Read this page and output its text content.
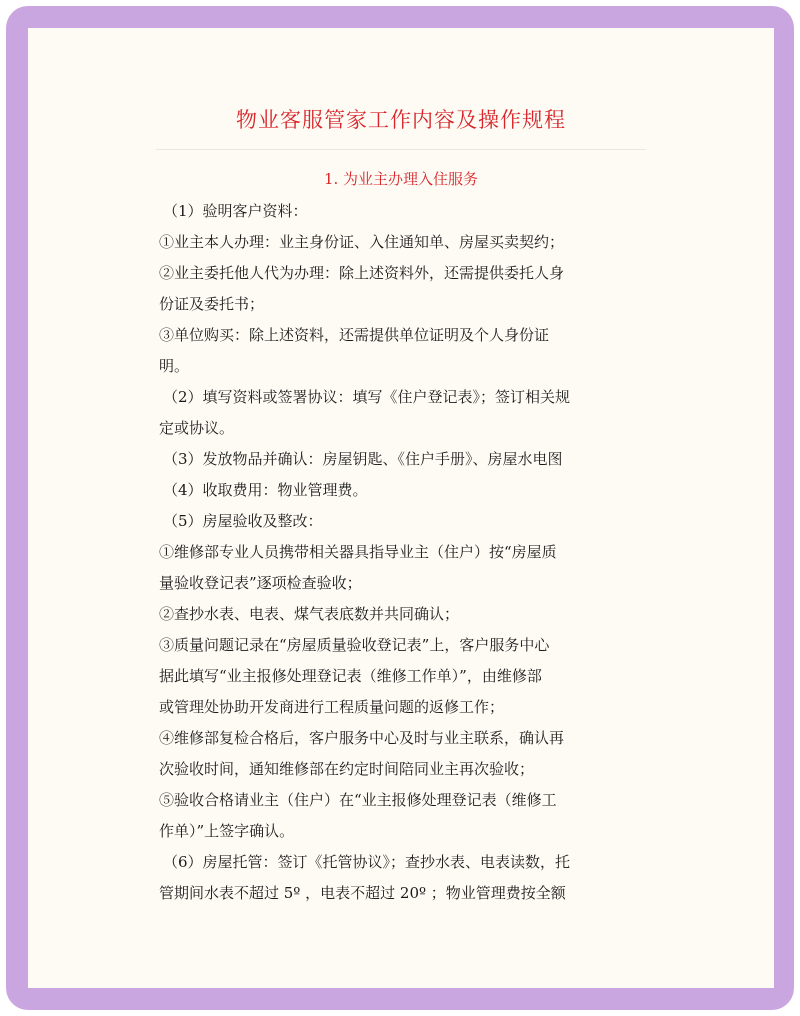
物业客服管家工作内容及操作规程
1. 为业主办理入住服务
（1）验明客户资料：
①业主本人办理：业主身份证、入住通知单、房屋买卖契约；
②业主委托他人代为办理：除上述资料外，还需提供委托人身
份证及委托书；
③单位购买：除上述资料，还需提供单位证明及个人身份证
明。
（2）填写资料或签署协议：填写《住户登记表》；签订相关规
定或协议。
（3）发放物品并确认：房屋钥匙、《住户手册》、房屋水电图
（4）收取费用：物业管理费。
（5）房屋验收及整改：
①维修部专业人员携带相关器具指导业主（住户）按“房屋质
量验收登记表”逐项检查验收；
②查抄水表、电表、煤气表底数并共同确认；
③质量问题记录在“房屋质量验收登记表”上，客户服务中心
据此填写“业主报修处理登记表（维修工作单）”，由维修部
或管理处协助开发商进行工程质量问题的返修工作；
④维修部复检合格后，客户服务中心及时与业主联系，确认再
次验收时间，通知维修部在约定时间陪同业主再次验收；
⑤验收合格请业主（住户）在“业主报修处理登记表（维修工
作单）”上签字确认。
（6）房屋托管：签订《托管协议》；查抄水表、电表读数，托
管期间水表不超过 5º ，电表不超过 20º ；物业管理费按全额
